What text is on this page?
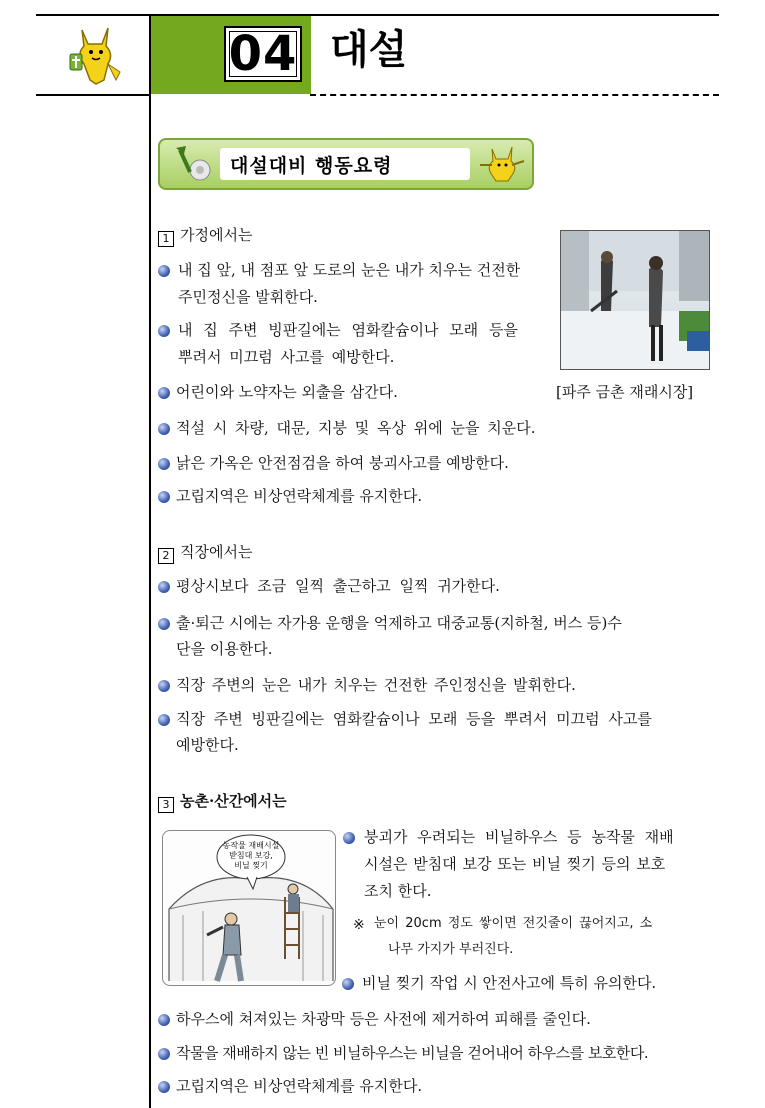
04 대설
대설대비 행동요령
1 가정에서는
내 집 앞, 내 점포 앞 도로의 눈은 내가 치우는 건전한
주민정신을 발휘한다.
내 집 주변 빙판길에는 염화칼슘이나 모래 등을
뿌려서 미끄럼 사고를 예방한다.
어린이와 노약자는 외출을 삼간다.	[파주 금촌 재래시장]
적설 시 차량, 대문, 지붕 및 옥상 위에 눈을 치운다.
낡은 가옥은 안전점검을 하여 붕괴사고를 예방한다.
고립지역은 비상연락체계를 유지한다.
2 직장에서는
평상시보다 조금 일찍 출근하고 일찍 귀가한다.
출·퇴근 시에는 자가용 운행을 억제하고 대중교통(지하철, 버스 등)수
단을 이용한다.
직장 주변의 눈은 내가 치우는 건전한 주인정신을 발휘한다.
직장 주변 빙판길에는 염화칼슘이나 모래 등을 뿌려서 미끄럼 사고를
예방한다.
3 농촌·산간에서는
농작물 재배시설
받침대 보강,
비닐 찢기
붕괴가 우려되는 비닐하우스 등 농작물 재배
시설은 받침대 보강 또는 비닐 찢기 등의 보호
조치 한다.
※ 눈이 20cm 정도 쌓이면 전깃줄이 끊어지고, 소
나무 가지가 부러진다.
비닐 찢기 작업 시 안전사고에 특히 유의한다.
하우스에 쳐져있는 차광막 등은 사전에 제거하여 피해를 줄인다.
작물을 재배하지 않는 빈 비닐하우스는 비닐을 걷어내어 하우스를 보호한다.
고립지역은 비상연락체계를 유지한다.
